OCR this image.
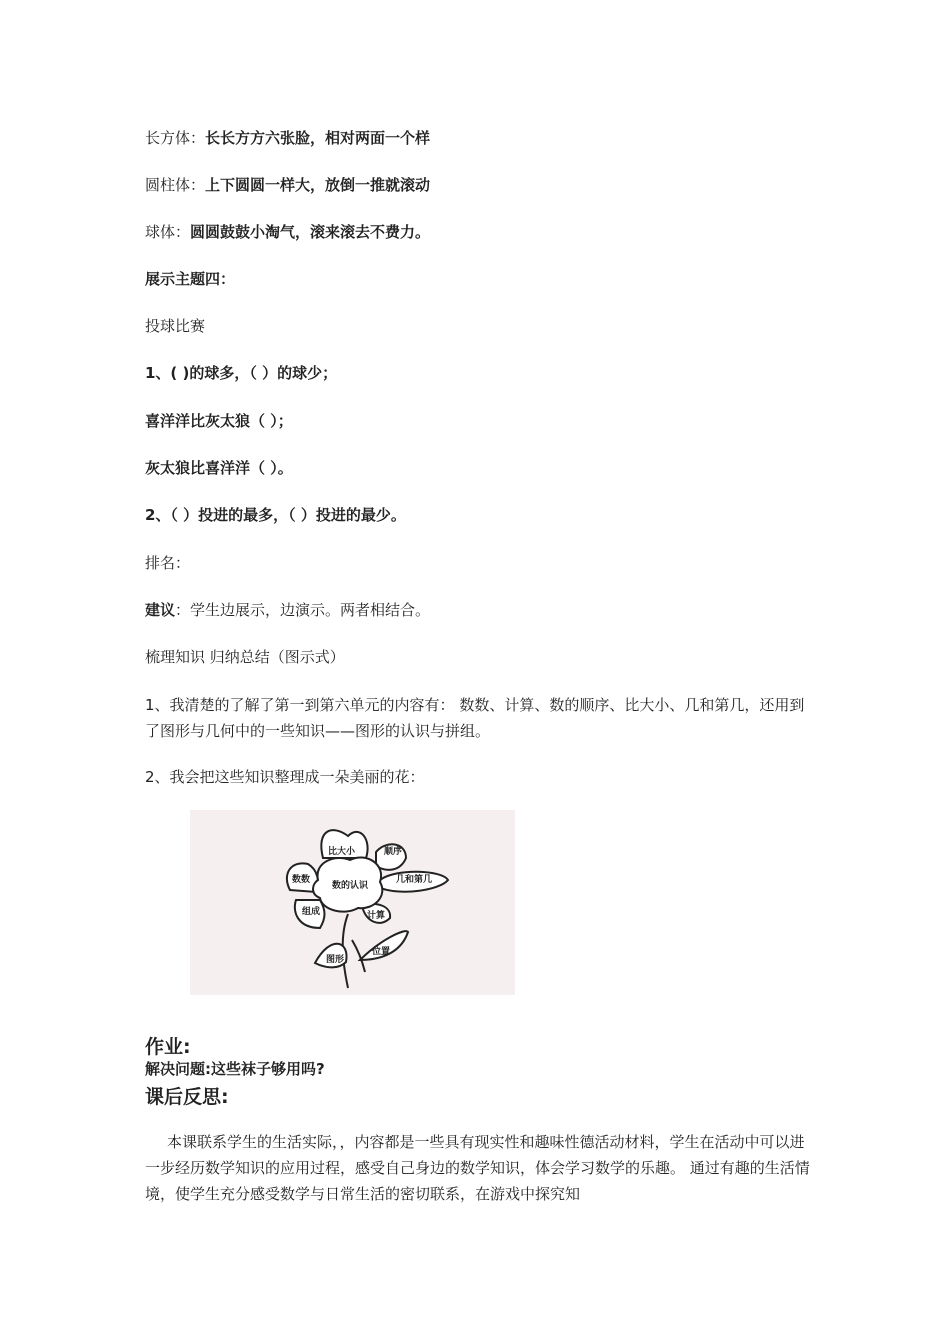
长方体：长长方方六张脸，相对两面一个样
圆柱体：上下圆圆一样大，放倒一推就滚动
球体：圆圆鼓鼓小淘气，滚来滚去不费力。
展示主题四：
投球比赛
1、( )的球多，（ ）的球少；
喜洋洋比灰太狼（ ）；
灰太狼比喜洋洋（ ）。
2、（ ）投进的最多，（ ）投进的最少。
排名：
建议：学生边展示，边演示。两者相结合。
梳理知识 归纳总结（图示式）
1、我清楚的了解了第一到第六单元的内容有： 数数、计算、数的顺序、比大小、几和第几，还用到了图形与几何中的一些知识——图形的认识与拼组。
2、我会把这些知识整理成一朵美丽的花：
比大小	顺序
几和第几
数数
组成	计算
数的认识
图形
位置
作业:
解决问题:这些袜子够用吗?
课后反思:
本课联系学生的生活实际，，内容都是一些具有现实性和趣味性德活动材料，学生在活动中可以进一步经历数学知识的应用过程，感受自己身边的数学知识，体会学习数学的乐趣。 通过有趣的生活情境，使学生充分感受数学与日常生活的密切联系，在游戏中探究知
